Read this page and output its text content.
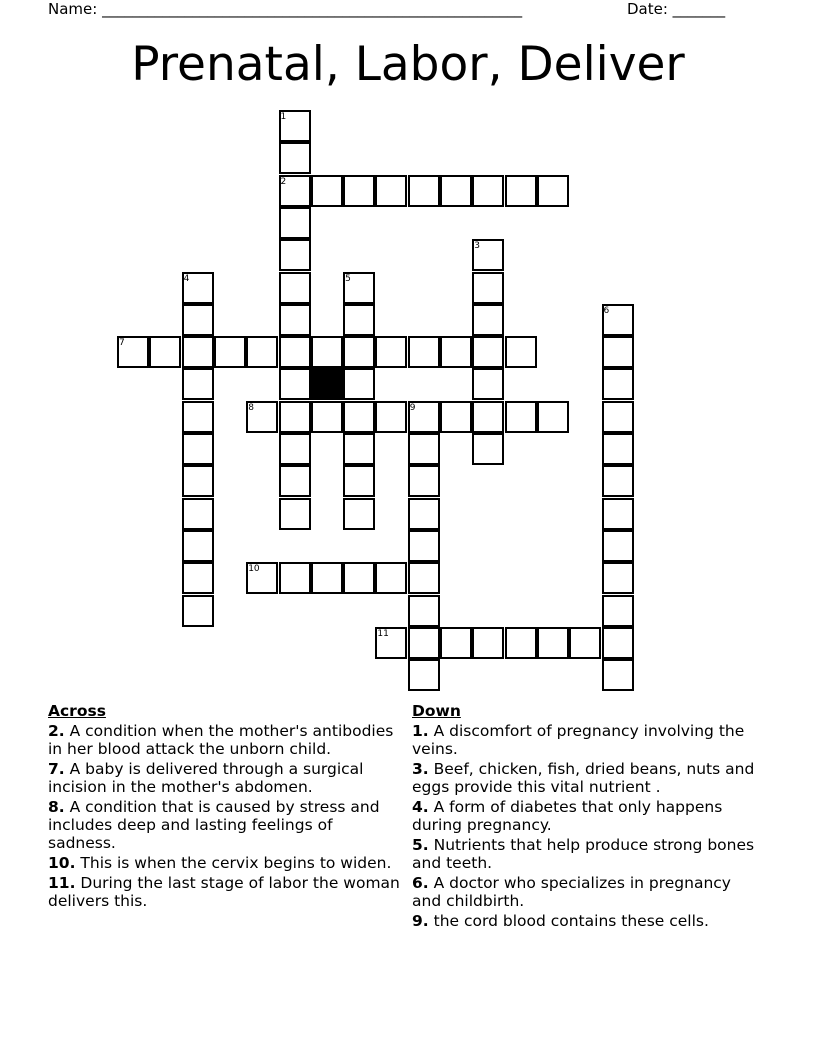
Name: ________________________________________________________	Date: _______
Prenatal, Labor, Deliver
1
2
3
4	5
6
7
8	9
10
11
Across
2. A condition when the mother's antibodies in her blood attack the unborn child.
7. A baby is delivered through a surgical incision in the mother's abdomen.
8. A condition that is caused by stress and includes deep and lasting feelings of sadness.
10. This is when the cervix begins to widen.
11. During the last stage of labor the woman delivers this.
Down
1. A discomfort of pregnancy involving the veins.
3. Beef, chicken, fish, dried beans, nuts and eggs provide this vital nutrient .
4. A form of diabetes that only happens during pregnancy.
5. Nutrients that help produce strong bones and teeth.
6. A doctor who specializes in pregnancy and childbirth.
9. the cord blood contains these cells.
